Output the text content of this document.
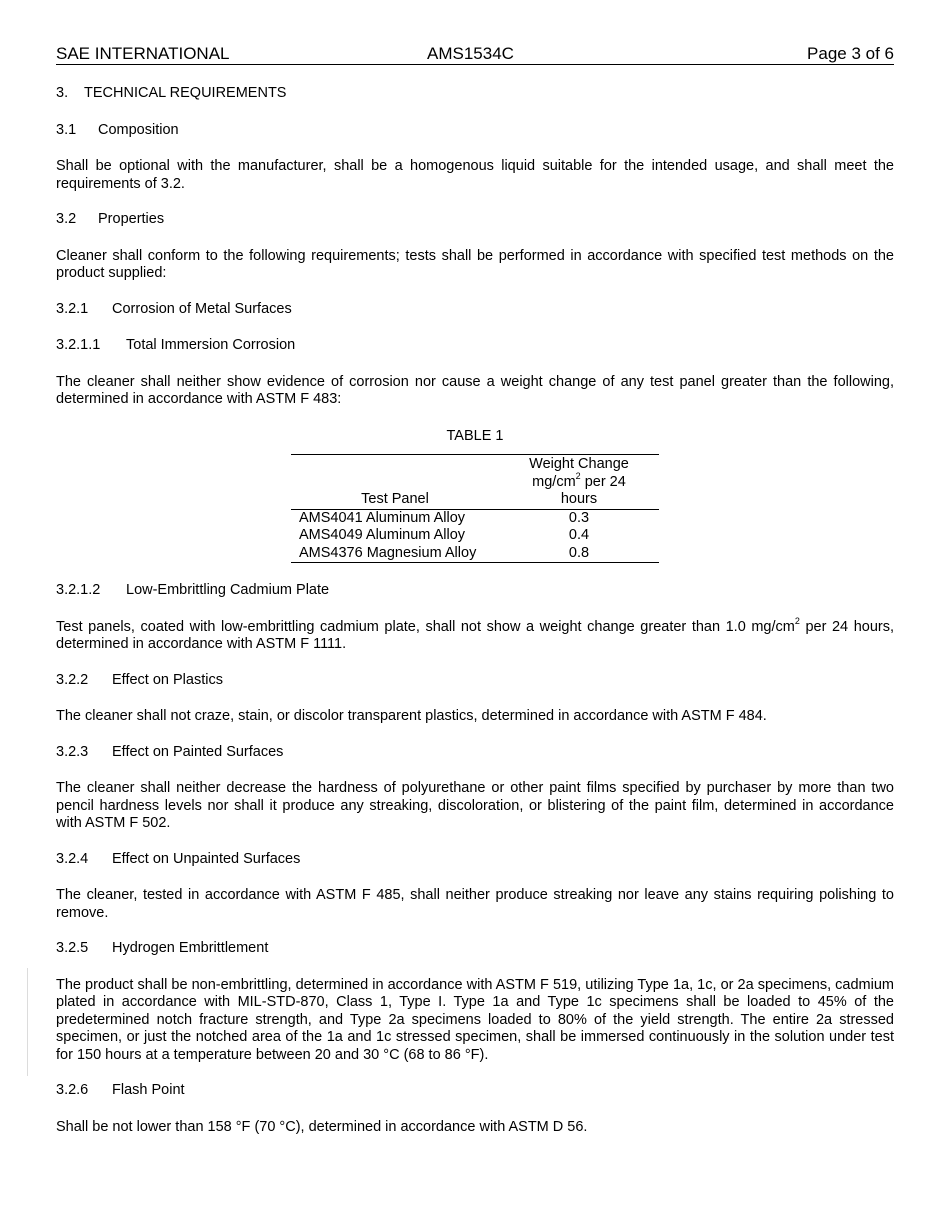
SAE INTERNATIONAL	AMS1534C	Page 3 of 6
3. TECHNICAL REQUIREMENTS
3.1 Composition

Shall be optional with the manufacturer, shall be a homogenous liquid suitable for the intended usage, and shall meet the requirements of 3.2.

3.2 Properties

Cleaner shall conform to the following requirements; tests shall be performed in accordance with specified test methods on the product supplied:

3.2.1 Corrosion of Metal Surfaces
3.2.1.1 Total Immersion Corrosion

The cleaner shall neither show evidence of corrosion nor cause a weight change of any test panel greater than the following, determined in accordance with ASTM F 483:

TABLE 1
Test Panel	Weight Change
$mg/cm^2$ per 24
hours
AMS4041 Aluminum Alloy	0.3
AMS4049 Aluminum Alloy	0.4
AMS4376 Magnesium Alloy	0.8
3.2.1.2 Low-Embrittling Cadmium Plate

Test panels, coated with low-embrittling cadmium plate, shall not show a weight change greater than 1.0 $mg/cm^2$ per 24 hours, determined in accordance with ASTM F 1111.

3.2.2 Effect on Plastics

The cleaner shall not craze, stain, or discolor transparent plastics, determined in accordance with ASTM F 484.

3.2.3 Effect on Painted Surfaces

The cleaner shall neither decrease the hardness of polyurethane or other paint films specified by purchaser by more than two pencil hardness levels nor shall it produce any streaking, discoloration, or blistering of the paint film, determined in accordance with ASTM F 502.

3.2.4 Effect on Unpainted Surfaces

The cleaner, tested in accordance with ASTM F 485, shall neither produce streaking nor leave any stains requiring polishing to remove.

3.2.5 Hydrogen Embrittlement

The product shall be non-embrittling, determined in accordance with ASTM F 519, utilizing Type 1a, 1c, or 2a specimens, cadmium plated in accordance with MIL-STD-870, Class 1, Type I. Type 1a and Type 1c specimens shall be loaded to 45% of the predetermined notch fracture strength, and Type 2a specimens loaded to 80% of the yield strength. The entire 2a stressed specimen, or just the notched area of the 1a and 1c stressed specimen, shall be immersed continuously in the solution under test for 150 hours at a temperature between 20 and 30 °C (68 to 86 °F).

3.2.6 Flash Point

Shall be not lower than 158 °F (70 °C), determined in accordance with ASTM D 56.
